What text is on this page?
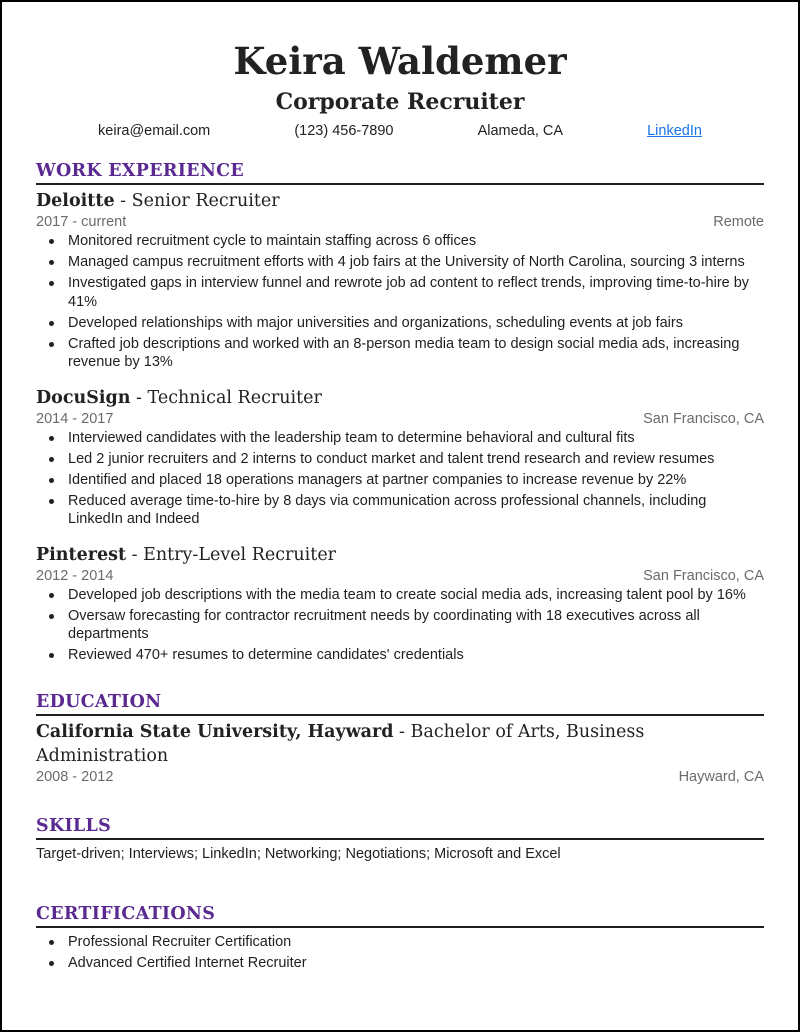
Keira Waldemer
Corporate Recruiter
keira@email.com	(123) 456-7890	Alameda, CA	LinkedIn
WORK EXPERIENCE
Deloitte - Senior Recruiter
2017 - current	Remote
Monitored recruitment cycle to maintain staffing across 6 offices
Managed campus recruitment efforts with 4 job fairs at the University of North Carolina, sourcing 3 interns
Investigated gaps in interview funnel and rewrote job ad content to reflect trends, improving time-to-hire by 41%
Developed relationships with major universities and organizations, scheduling events at job fairs
Crafted job descriptions and worked with an 8-person media team to design social media ads, increasing revenue by 13%
DocuSign - Technical Recruiter
2014 - 2017	San Francisco, CA
Interviewed candidates with the leadership team to determine behavioral and cultural fits
Led 2 junior recruiters and 2 interns to conduct market and talent trend research and review resumes
Identified and placed 18 operations managers at partner companies to increase revenue by 22%
Reduced average time-to-hire by 8 days via communication across professional channels, including LinkedIn and Indeed
Pinterest - Entry-Level Recruiter
2012 - 2014	San Francisco, CA
Developed job descriptions with the media team to create social media ads, increasing talent pool by 16%
Oversaw forecasting for contractor recruitment needs by coordinating with 18 executives across all departments
Reviewed 470+ resumes to determine candidates' credentials
EDUCATION
California State University, Hayward - Bachelor of Arts, Business Administration
2008 - 2012	Hayward, CA
SKILLS
Target-driven; Interviews; LinkedIn; Networking; Negotiations; Microsoft and Excel
CERTIFICATIONS
Professional Recruiter Certification
Advanced Certified Internet Recruiter
